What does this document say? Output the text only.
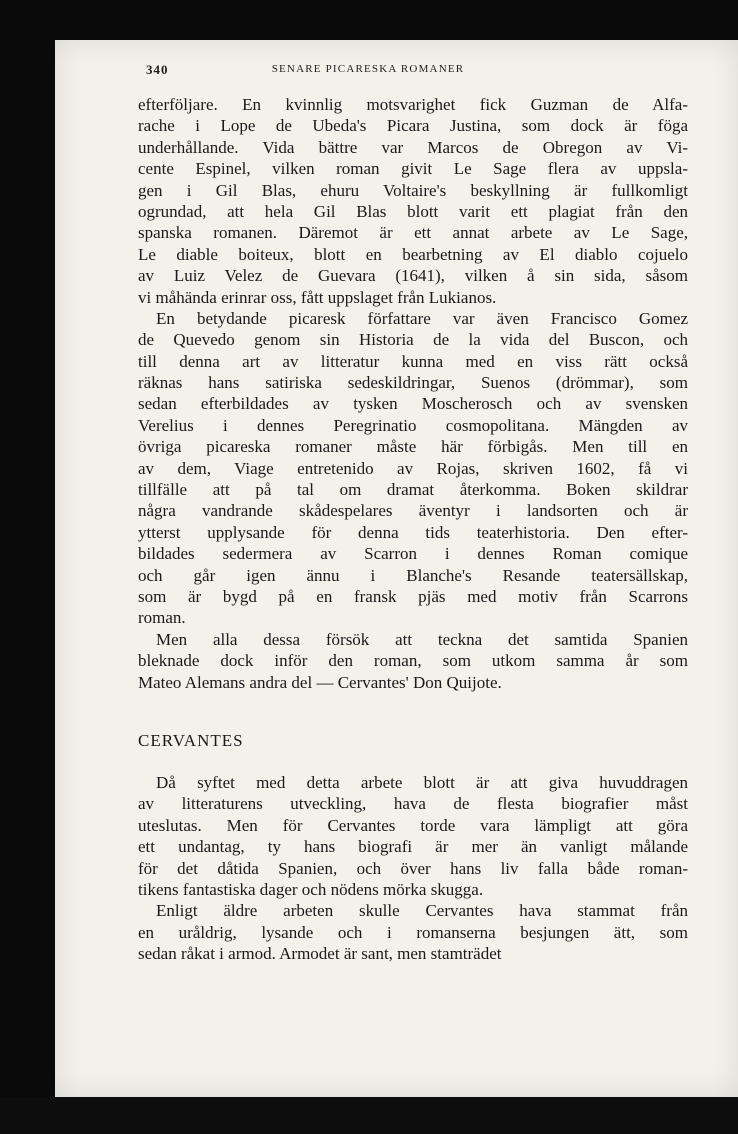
340	SENARE PICARESKA ROMANER
efterföljare. En kvinnlig motsvarighet fick Guzman de Alfa-
rache i Lope de Ubeda's Picara Justina, som dock är föga
underhållande. Vida bättre var Marcos de Obregon av Vi-
cente Espinel, vilken roman givit Le Sage flera av uppsla-
gen i Gil Blas, ehuru Voltaire's beskyllning är fullkomligt
ogrundad, att hela Gil Blas blott varit ett plagiat från den
spanska romanen. Däremot är ett annat arbete av Le Sage,
Le diable boiteux, blott en bearbetning av El diablo cojuelo
av Luiz Velez de Guevara (1641), vilken å sin sida, såsom
vi måhända erinrar oss, fått uppslaget från Lukianos.
En betydande picaresk författare var även Francisco Gomez
de Quevedo genom sin Historia de la vida del Buscon, och
till denna art av litteratur kunna med en viss rätt också
räknas hans satiriska sedeskildringar, Suenos (drömmar), som
sedan efterbildades av tysken Moscherosch och av svensken
Verelius i dennes Peregrinatio cosmopolitana. Mängden av
övriga picareska romaner måste här förbigås. Men till en
av dem, Viage entretenido av Rojas, skriven 1602, få vi
tillfälle att på tal om dramat återkomma. Boken skildrar
några vandrande skådespelares äventyr i landsorten och är
ytterst upplysande för denna tids teaterhistoria. Den efter-
bildades sedermera av Scarron i dennes Roman comique
och går igen ännu i Blanche's Resande teatersällskap,
som är bygd på en fransk pjäs med motiv från Scarrons
roman.
Men alla dessa försök att teckna det samtida Spanien
bleknade dock inför den roman, som utkom samma år som
Mateo Alemans andra del — Cervantes' Don Quijote.
CERVANTES
Då syftet med detta arbete blott är att giva huvuddragen
av litteraturens utveckling, hava de flesta biografier måst
uteslutas. Men för Cervantes torde vara lämpligt att göra
ett undantag, ty hans biografi är mer än vanligt målande
för det dåtida Spanien, och över hans liv falla både roman-
tikens fantastiska dager och nödens mörka skugga.
Enligt äldre arbeten skulle Cervantes hava stammat från
en uråldrig, lysande och i romanserna besjungen ätt, som
sedan råkat i armod. Armodet är sant, men stamträdet
